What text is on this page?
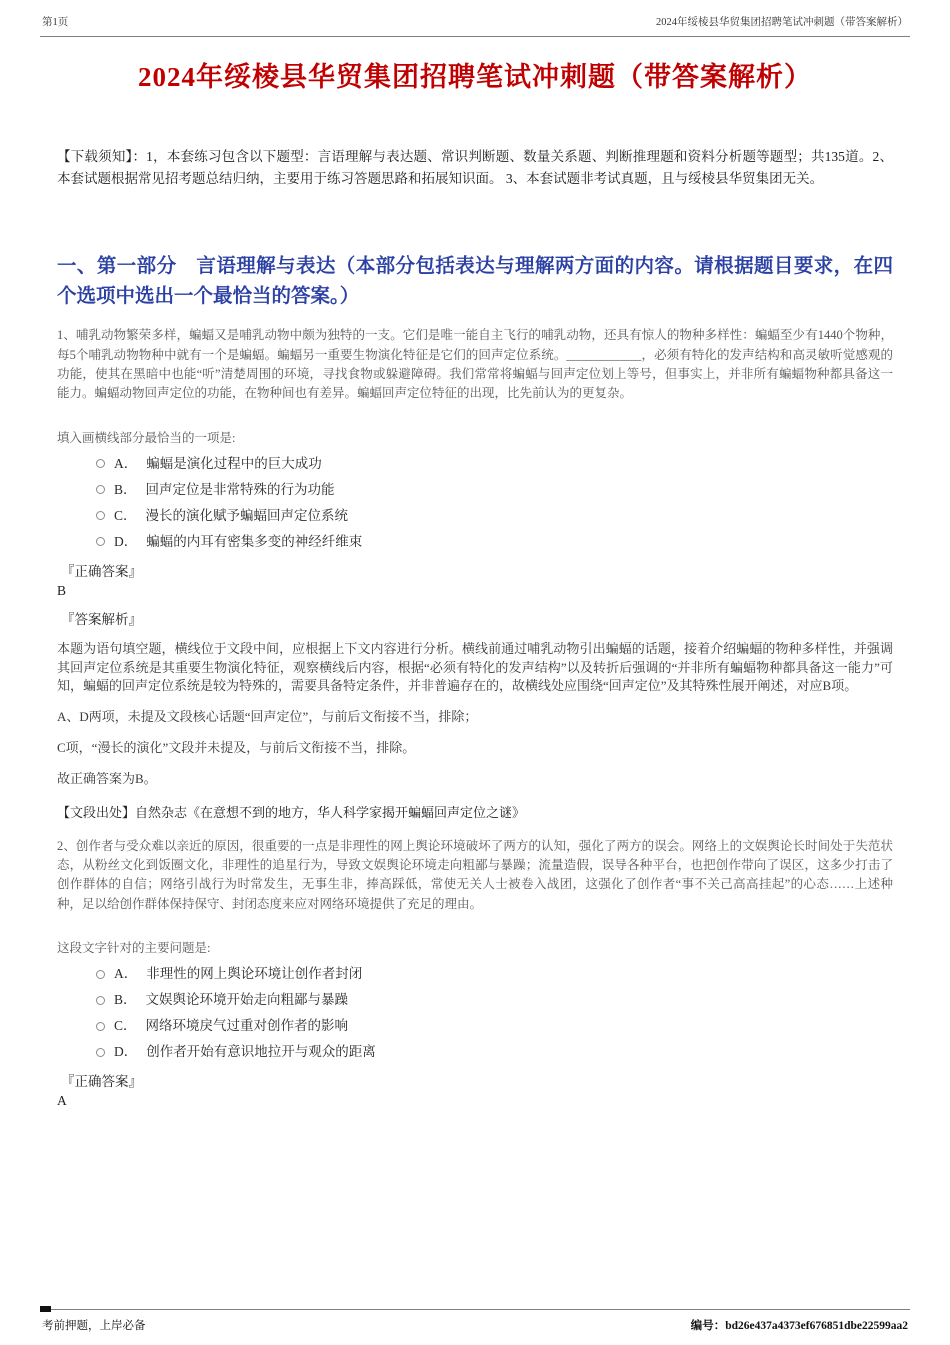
第1页	2024年绥棱县华贸集团招聘笔试冲刺题（带答案解析）
2024年绥棱县华贸集团招聘笔试冲刺题（带答案解析）

【下载须知】：1，本套练习包含以下题型：言语理解与表达题、常识判断题、数量关系题、判断推理题和资料分析题等题型；共135道。2、本套试题根据常见招考题总结归纳，主要用于练习答题思路和拓展知识面。 3、本套试题非考试真题，且与绥棱县华贸集团无关。

一、第一部分　言语理解与表达（本部分包括表达与理解两方面的内容。请根据题目要求，在四个选项中选出一个最恰当的答案。）

1、哺乳动物繁荣多样，蝙蝠又是哺乳动物中颇为独特的一支。它们是唯一能自主飞行的哺乳动物，还具有惊人的物种多样性：蝙蝠至少有1440个物种，每5个哺乳动物物种中就有一个是蝙蝠。蝙蝠另一重要生物演化特征是它们的回声定位系统。____________，必须有特化的发声结构和高灵敏听觉感观的功能，使其在黑暗中也能“听”清楚周围的环境，寻找食物或躲避障碍。我们常常将蝙蝠与回声定位划上等号，但事实上，并非所有蝙蝠物种都具备这一能力。蝙蝠动物回声定位的功能，在物种间也有差异。蝙蝠回声定位特征的出现，比先前认为的更复杂。

填入画横线部分最恰当的一项是:

A． 蝙蝠是演化过程中的巨大成功
B． 回声定位是非常特殊的行为功能
C． 漫长的演化赋予蝙蝠回声定位系统
D． 蝙蝠的内耳有密集多变的神经纤维束

『正确答案』

B

『答案解析』

本题为语句填空题，横线位于文段中间，应根据上下文内容进行分析。横线前通过哺乳动物引出蝙蝠的话题，接着介绍蝙蝠的物种多样性，并强调其回声定位系统是其重要生物演化特征，观察横线后内容，根据“必须有特化的发声结构”以及转折后强调的“并非所有蝙蝠物种都具备这一能力”可知，蝙蝠的回声定位系统是较为特殊的，需要具备特定条件，并非普遍存在的，故横线处应围绕“回声定位”及其特殊性展开阐述，对应B项。

A、D两项，未提及文段核心话题“回声定位”，与前后文衔接不当，排除；

C项，“漫长的演化”文段并未提及，与前后文衔接不当，排除。

故正确答案为B。

【文段出处】自然杂志《在意想不到的地方，华人科学家揭开蝙蝠回声定位之谜》

2、创作者与受众难以亲近的原因，很重要的一点是非理性的网上舆论环境破坏了两方的认知，强化了两方的误会。网络上的文娱舆论长时间处于失范状态，从粉丝文化到饭圈文化，非理性的追星行为，导致文娱舆论环境走向粗鄙与暴躁；流量造假，误导各种平台，也把创作带向了误区，这多少打击了创作群体的自信；网络引战行为时常发生，无事生非，捧高踩低，常使无关人士被卷入战团，这强化了创作者“事不关己高高挂起”的心态……上述种种，足以给创作群体保持保守、封闭态度来应对网络环境提供了充足的理由。

这段文字针对的主要问题是:

A． 非理性的网上舆论环境让创作者封闭
B． 文娱舆论环境开始走向粗鄙与暴躁
C． 网络环境戾气过重对创作者的影响
D． 创作者开始有意识地拉开与观众的距离

『正确答案』

A

考前押题，上岸必备	编号：bd26e437a4373ef676851dbe22599aa2
